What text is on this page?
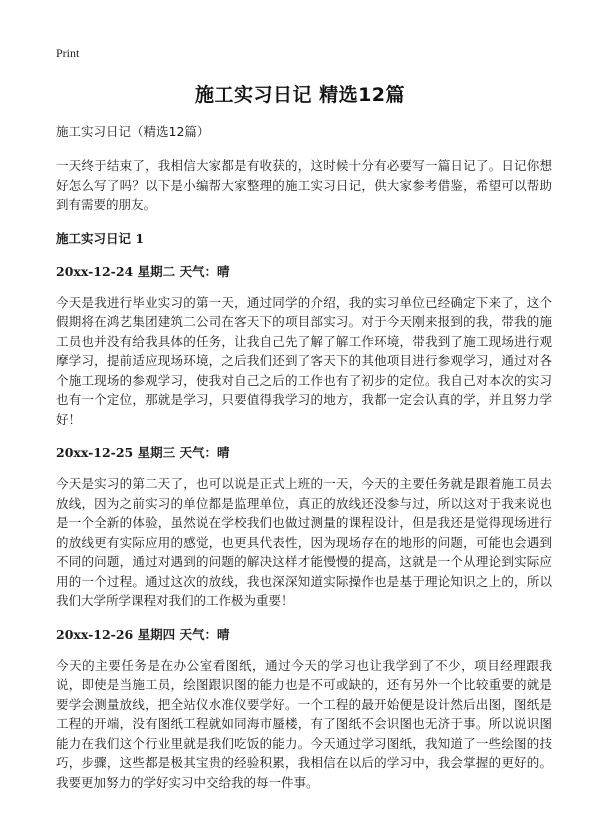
Print
施工实习日记 精选12篇

施工实习日记（精选12篇）

一天终于结束了，我相信大家都是有收获的，这时候十分有必要写一篇日记了。日记你想好怎么写了吗？以下是小编帮大家整理的施工实习日记，供大家参考借鉴，希望可以帮助到有需要的朋友。

施工实习日记 1

20xx-12-24 星期二 天气：晴

今天是我进行毕业实习的第一天，通过同学的介绍，我的实习单位已经确定下来了，这个假期将在鸿艺集团建筑二公司在客天下的项目部实习。对于今天刚来报到的我，带我的施工员也并没有给我具体的任务，让我自己先了解了解工作环境，带我到了施工现场进行观摩学习，提前适应现场环境，之后我们还到了客天下的其他项目进行参观学习，通过对各个施工现场的参观学习，使我对自己之后的工作也有了初步的定位。我自己对本次的实习也有一个定位，那就是学习，只要值得我学习的地方，我都一定会认真的学，并且努力学好！

20xx-12-25 星期三 天气：晴

今天是实习的第二天了，也可以说是正式上班的一天，今天的主要任务就是跟着施工员去放线，因为之前实习的单位都是监理单位，真正的放线还没参与过，所以这对于我来说也是一个全新的体验，虽然说在学校我们也做过测量的课程设计，但是我还是觉得现场进行的放线更有实际应用的感觉，也更具代表性，因为现场存在的地形的问题，可能也会遇到不同的问题，通过对遇到的问题的解决这样才能慢慢的提高，这就是一个从理论到实际应用的一个过程。通过这次的放线，我也深深知道实际操作也是基于理论知识之上的，所以我们大学所学课程对我们的工作极为重要！

20xx-12-26 星期四 天气：晴

今天的主要任务是在办公室看图纸，通过今天的学习也让我学到了不少，项目经理跟我说，即使是当施工员，绘图跟识图的能力也是不可或缺的，还有另外一个比较重要的就是要学会测量放线，把全站仪水准仪要学好。一个工程的最开始便是设计然后出图，图纸是工程的开端，没有图纸工程就如同海市蜃楼，有了图纸不会识图也无济于事。所以说识图能力在我们这个行业里就是我们吃饭的能力。今天通过学习图纸，我知道了一些绘图的技巧，步骤，这些都是极其宝贵的经验积累，我相信在以后的学习中，我会掌握的更好的。我要更加努力的学好实习中交给我的每一件事。
